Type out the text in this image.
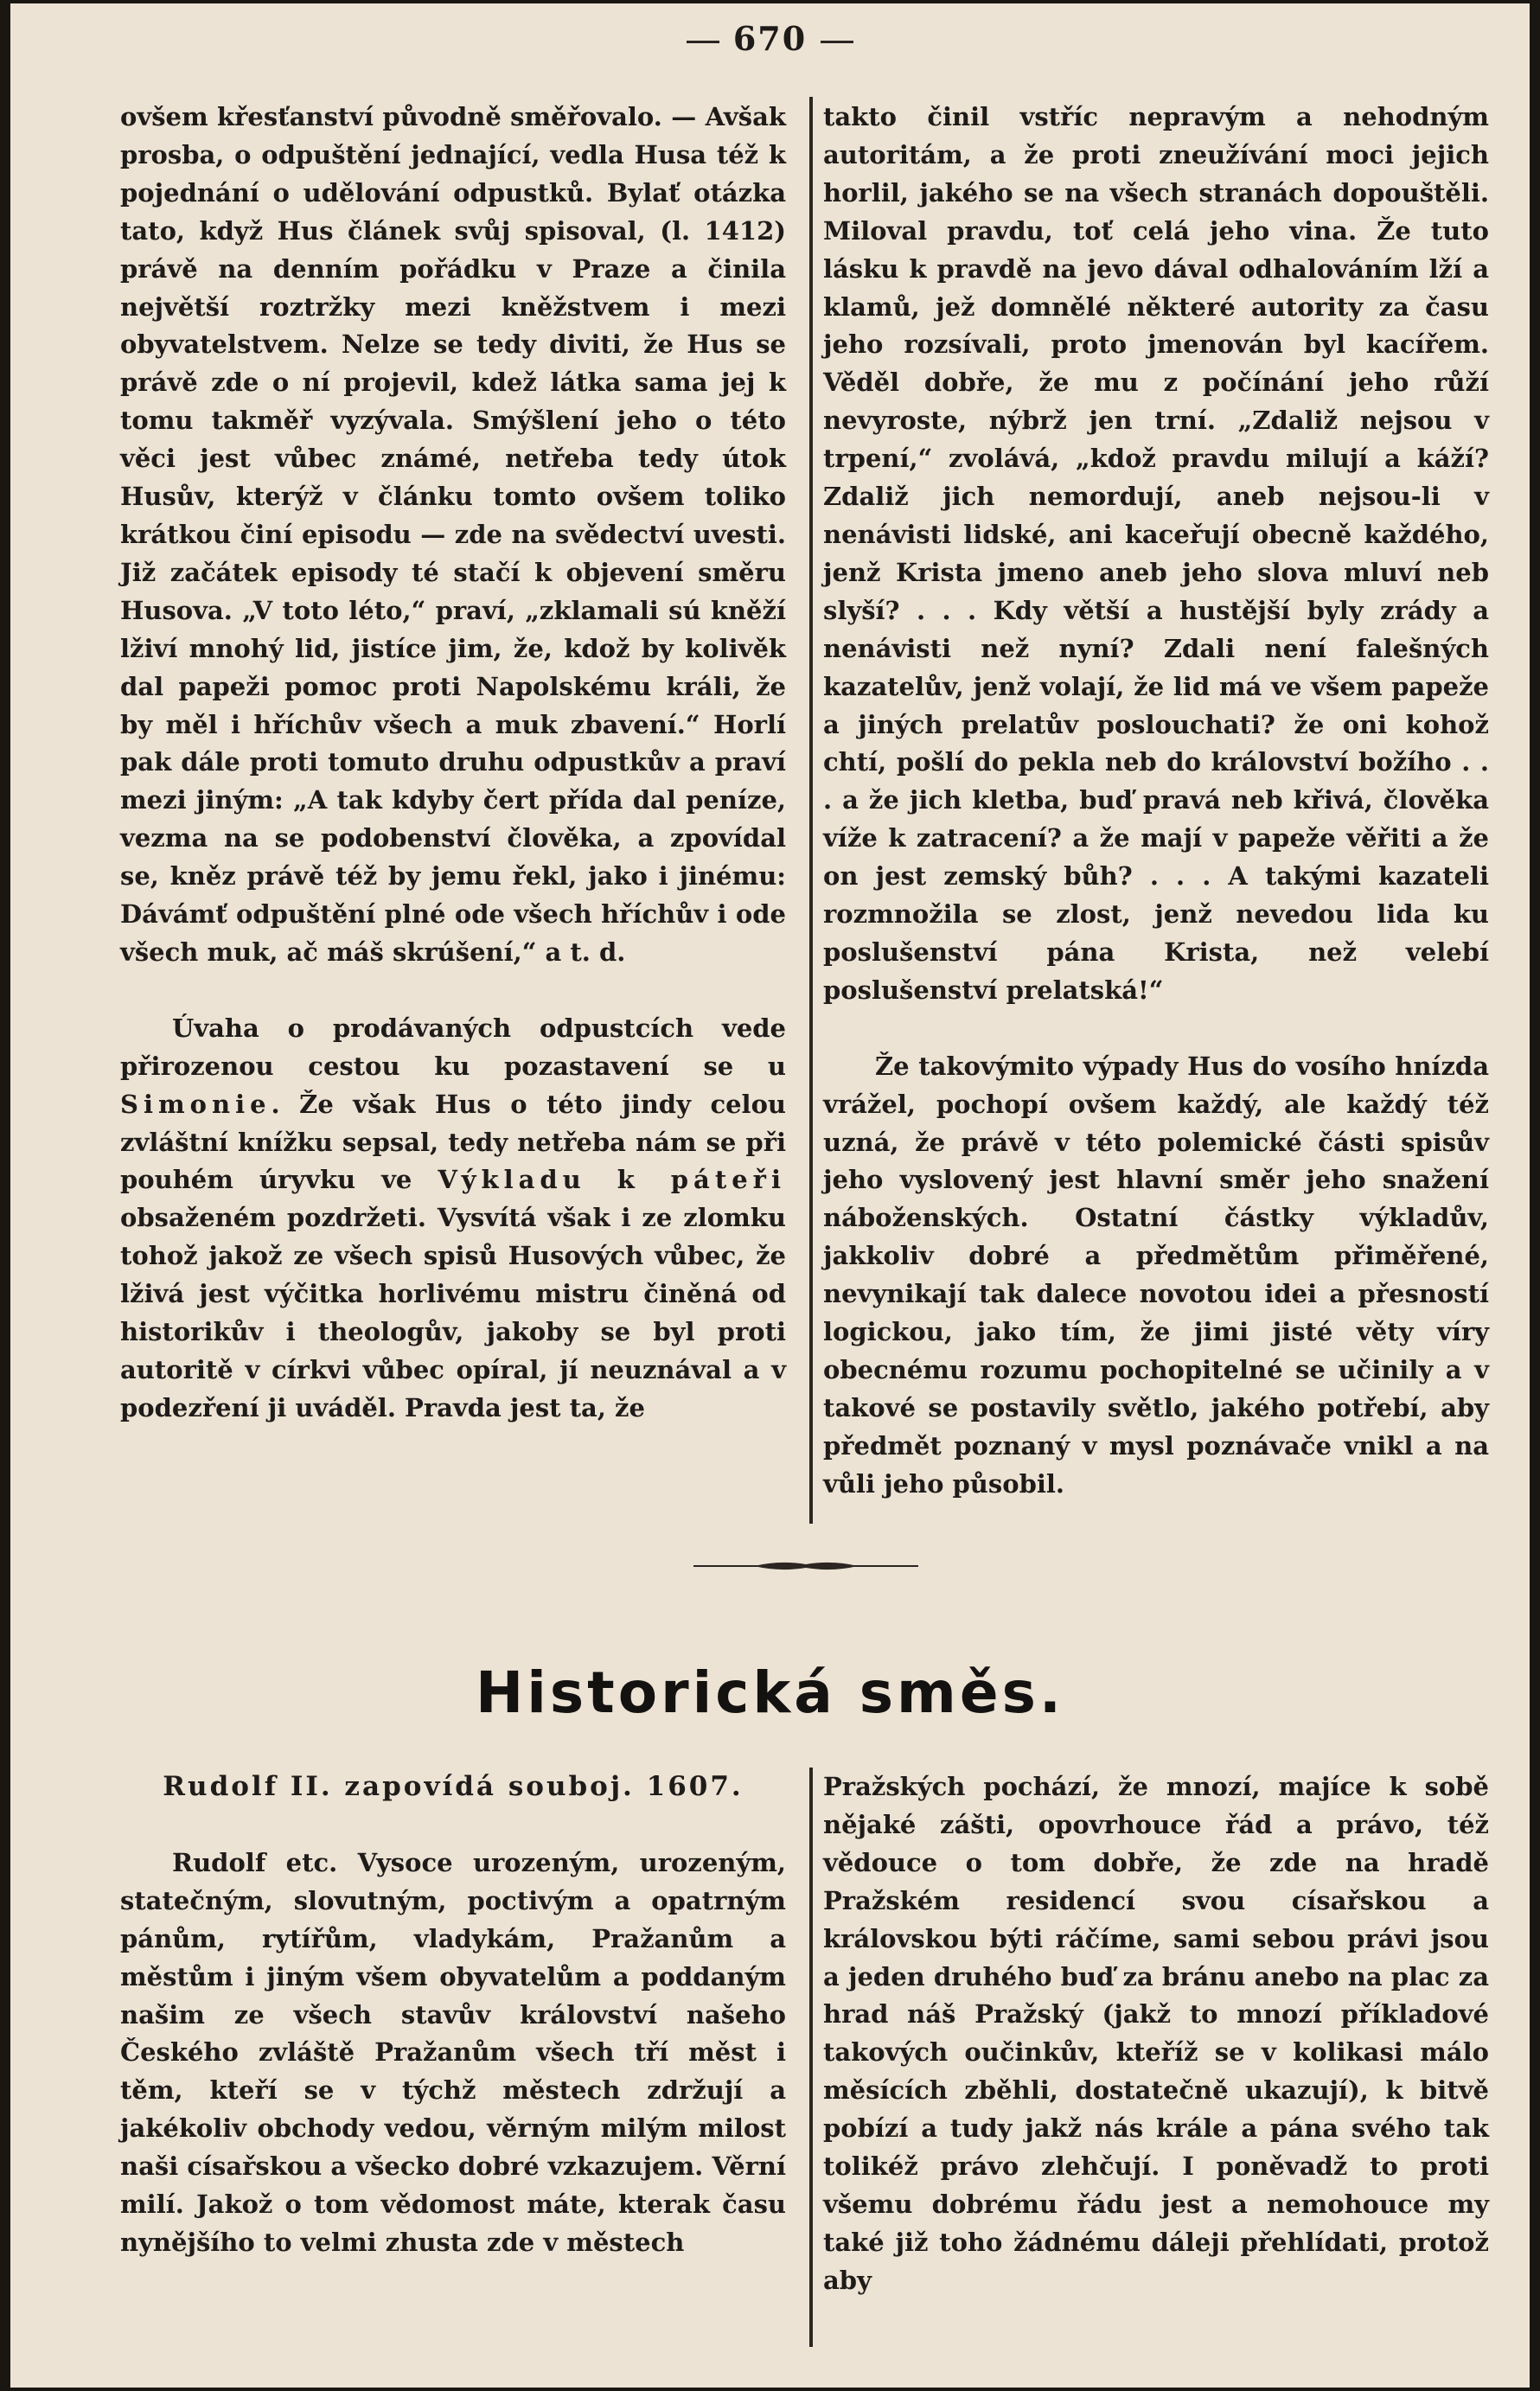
670

ovšem křesťanství původně směřovalo. — Avšak prosba, o odpuštění jednající, vedla Husa též k pojednání o udělování odpustků. Bylať otázka tato, když Hus článek svůj spisoval, (l. 1412) právě na denním pořádku v Praze a činila největší roztržky mezi kněžstvem i mezi obyvatelstvem. Nelze se tedy diviti, že Hus se právě zde o ní projevil, kdež látka sama jej k tomu takměř vyzývala. Smýšlení jeho o této věci jest vůbec známé, netřeba tedy útok Husův, kterýž v článku tomto ovšem toliko krátkou činí episodu — zde na svědectví uvesti. Již začátek episody té stačí k objevení směru Husova. „V toto léto,“ praví, „zklamali sú kněží lživí mnohý lid, jistíce jim, že, kdož by kolivěk dal papeži pomoc proti Napolskému králi, že by měl i hříchův všech a muk zbavení.“ Horlí pak dále proti tomuto druhu odpustkův a praví mezi jiným: „A tak kdyby čert přída dal peníze, vezma na se podobenství člověka, a zpovídal se, kněz právě též by jemu řekl, jako i jinému: Dávámť odpuštění plné ode všech hříchův i ode všech muk, ač máš skrúšení,“ a t. d.

Úvaha o prodávaných odpustcích vede přirozenou cestou ku pozastavení se u Simonie. Že však Hus o této jindy celou zvláštní knížku sepsal, tedy netřeba nám se při pouhém úryvku ve Výkladu k páteři obsaženém pozdržeti. Vysvítá však i ze zlomku tohož jakož ze všech spisů Husových vůbec, že lživá jest výčitka horlivému mistru činěná od historikův i theologův, jakoby se byl proti autoritě v církvi vůbec opíral, jí neuznával a v podezření ji uváděl. Pravda jest ta, že

takto činil vstříc nepravým a nehodným autoritám, a že proti zneužívání moci jejich horlil, jakého se na všech stranách dopouštěli. Miloval pravdu, toť celá jeho vina. Že tuto lásku k pravdě na jevo dával odhalováním lží a klamů, jež domnělé některé autority za času jeho rozsívali, proto jmenován byl kacířem. Věděl dobře, že mu z počínání jeho růží nevyroste, nýbrž jen trní. „Zdaliž nejsou v trpení,“ zvolává, „kdož pravdu milují a káží? Zdaliž jich nemordují, aneb nejsou-li v nenávisti lidské, ani kaceřují obecně každého, jenž Krista jmeno aneb jeho slova mluví neb slyší? . . . Kdy větší a hustější byly zrády a nenávisti než nyní? Zdali není falešných kazatelův, jenž volají, že lid má ve všem papeže a jiných prelatův poslouchati? že oni kohož chtí, pošlí do pekla neb do království božího . . . a že jich kletba, buď pravá neb křivá, člověka víže k zatracení? a že mají v papeže věřiti a že on jest zemský bůh? . . . A takými kazateli rozmnožila se zlost, jenž nevedou lida ku poslušenství pána Krista, než velebí poslušenství prelatská!“

Že takovýmito výpady Hus do vosího hnízda vrážel, pochopí ovšem každý, ale každý též uzná, že právě v této polemické části spisův jeho vyslovený jest hlavní směr jeho snažení náboženských. Ostatní částky výkladův, jakkoliv dobré a předmětům přiměřené, nevynikají tak dalece novotou idei a přesností logickou, jako tím, že jimi jisté věty víry obecnému rozumu pochopitelné se učinily a v takové se postavily světlo, jakého potřebí, aby předmět poznaný v mysl poznávače vnikl a na vůli jeho působil.

Historická směs.

Rudolf II. zapovídá souboj. 1607.

Rudolf etc. Vysoce urozeným, urozeným, statečným, slovutným, poctivým a opatrným pánům, rytířům, vladykám, Pražanům a městům i jiným všem obyvatelům a poddaným našim ze všech stavův království našeho Českého zvláště Pražanům všech tří měst i těm, kteří se v týchž městech zdržují a jakékoliv obchody vedou, věrným milým milost naši císařskou a všecko dobré vzkazujem. Věrní milí. Jakož o tom vědomost máte, kterak času nynějšího to velmi zhusta zde v městech

Pražských pochází, že mnozí, majíce k sobě nějaké zášti, opovrhouce řád a právo, též vědouce o tom dobře, že zde na hradě Pražském residencí svou císařskou a královskou býti ráčíme, sami sebou právi jsou a jeden druhého buď za bránu anebo na plac za hrad náš Pražský (jakž to mnozí příkladové takových oučinkův, kteříž se v kolikasi málo měsících zběhli, dostatečně ukazují), k bitvě pobízí a tudy jakž nás krále a pána svého tak tolikéž právo zlehčují. I poněvadž to proti všemu dobrému řádu jest a nemohouce my také již toho žádnému dáleji přehlídati, protož aby
